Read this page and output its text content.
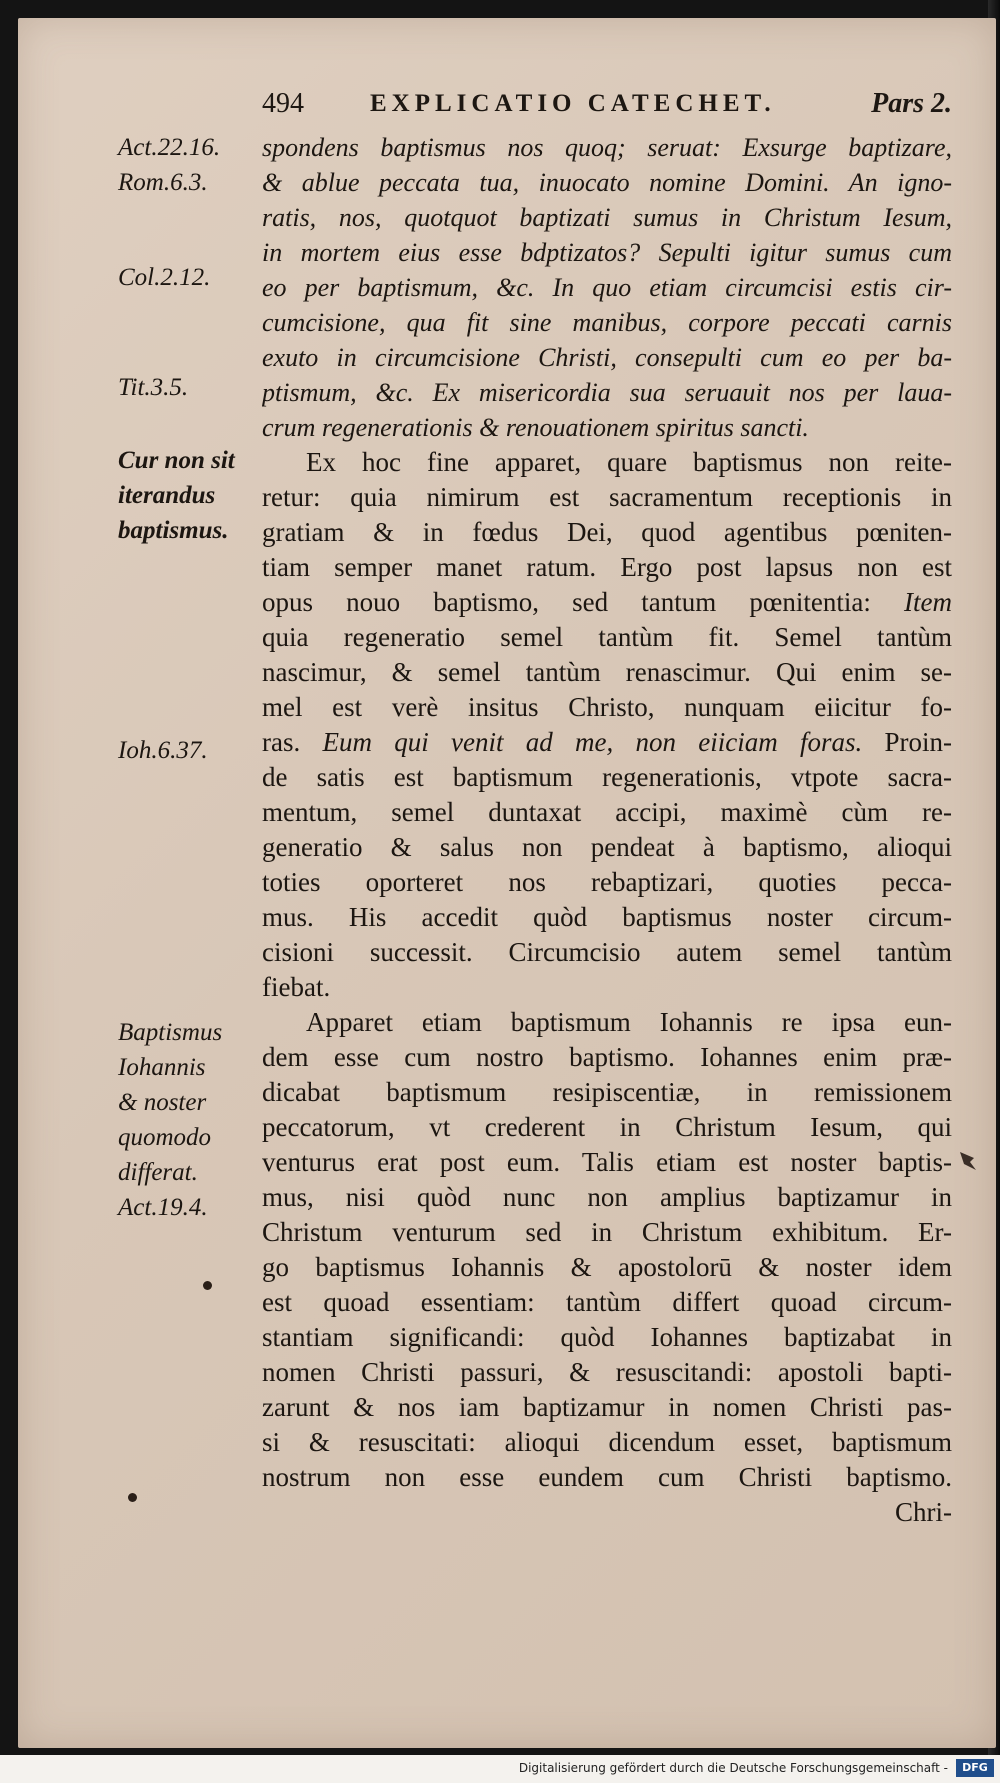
494	EXPLICATIO CATECHET.	Pars 2.
Act.22.16.
Rom.6.3.
Col.2.12.
Tit.3.5.
Cur non sit
iterandus
baptismus.
Ioh.6.37.
Baptismus
Iohannis
& noster
quomodo
differat.
Act.19.4.
spondens baptismus nos quoq; seruat: Exsurge baptizare,
& ablue peccata tua, inuocato nomine Domini. An igno-
ratis, nos, quotquot baptizati sumus in Christum Iesum,
in mortem eius esse bdptizatos? Sepulti igitur sumus cum
eo per baptismum, &c. In quo etiam circumcisi estis cir-
cumcisione, qua fit sine manibus, corpore peccati carnis
exuto in circumcisione Christi, consepulti cum eo per ba-
ptismum, &c. Ex misericordia sua seruauit nos per laua-
crum regenerationis & renouationem spiritus sancti.
Ex hoc fine apparet, quare baptismus non reite-
retur: quia nimirum est sacramentum receptionis in
gratiam & in fœdus Dei, quod agentibus pœniten-
tiam semper manet ratum. Ergo post lapsus non est
opus nouo baptismo, sed tantum pœnitentia: Item
quia regeneratio semel tantùm fit. Semel tantùm
nascimur, & semel tantùm renascimur. Qui enim se-
mel est verè insitus Christo, nunquam eiicitur fo-
ras. Eum qui venit ad me, non eiiciam foras. Proin-
de satis est baptismum regenerationis, vtpote sacra-
mentum, semel duntaxat accipi, maximè cùm re-
generatio & salus non pendeat à baptismo, alioqui
toties oporteret nos rebaptizari, quoties pecca-
mus. His accedit quòd baptismus noster circum-
cisioni successit. Circumcisio autem semel tantùm
fiebat.
Apparet etiam baptismum Iohannis re ipsa eun-
dem esse cum nostro baptismo. Iohannes enim præ-
dicabat baptismum resipiscentiæ, in remissionem
peccatorum, vt crederent in Christum Iesum, qui
venturus erat post eum. Talis etiam est noster baptis-
mus, nisi quòd nunc non amplius baptizamur in
Christum venturum sed in Christum exhibitum. Er-
go baptismus Iohannis & apostolorū & noster idem
est quoad essentiam: tantùm differt quoad circum-
stantiam significandi: quòd Iohannes baptizabat in
nomen Christi passuri, & resuscitandi: apostoli bapti-
zarunt & nos iam baptizamur in nomen Christi pas-
si & resuscitati: alioqui dicendum esset, baptismum
nostrum non esse eundem cum Christi baptismo.
Chri-
Digitalisierung gefördert durch die Deutsche Forschungsgemeinschaft -	DFG
